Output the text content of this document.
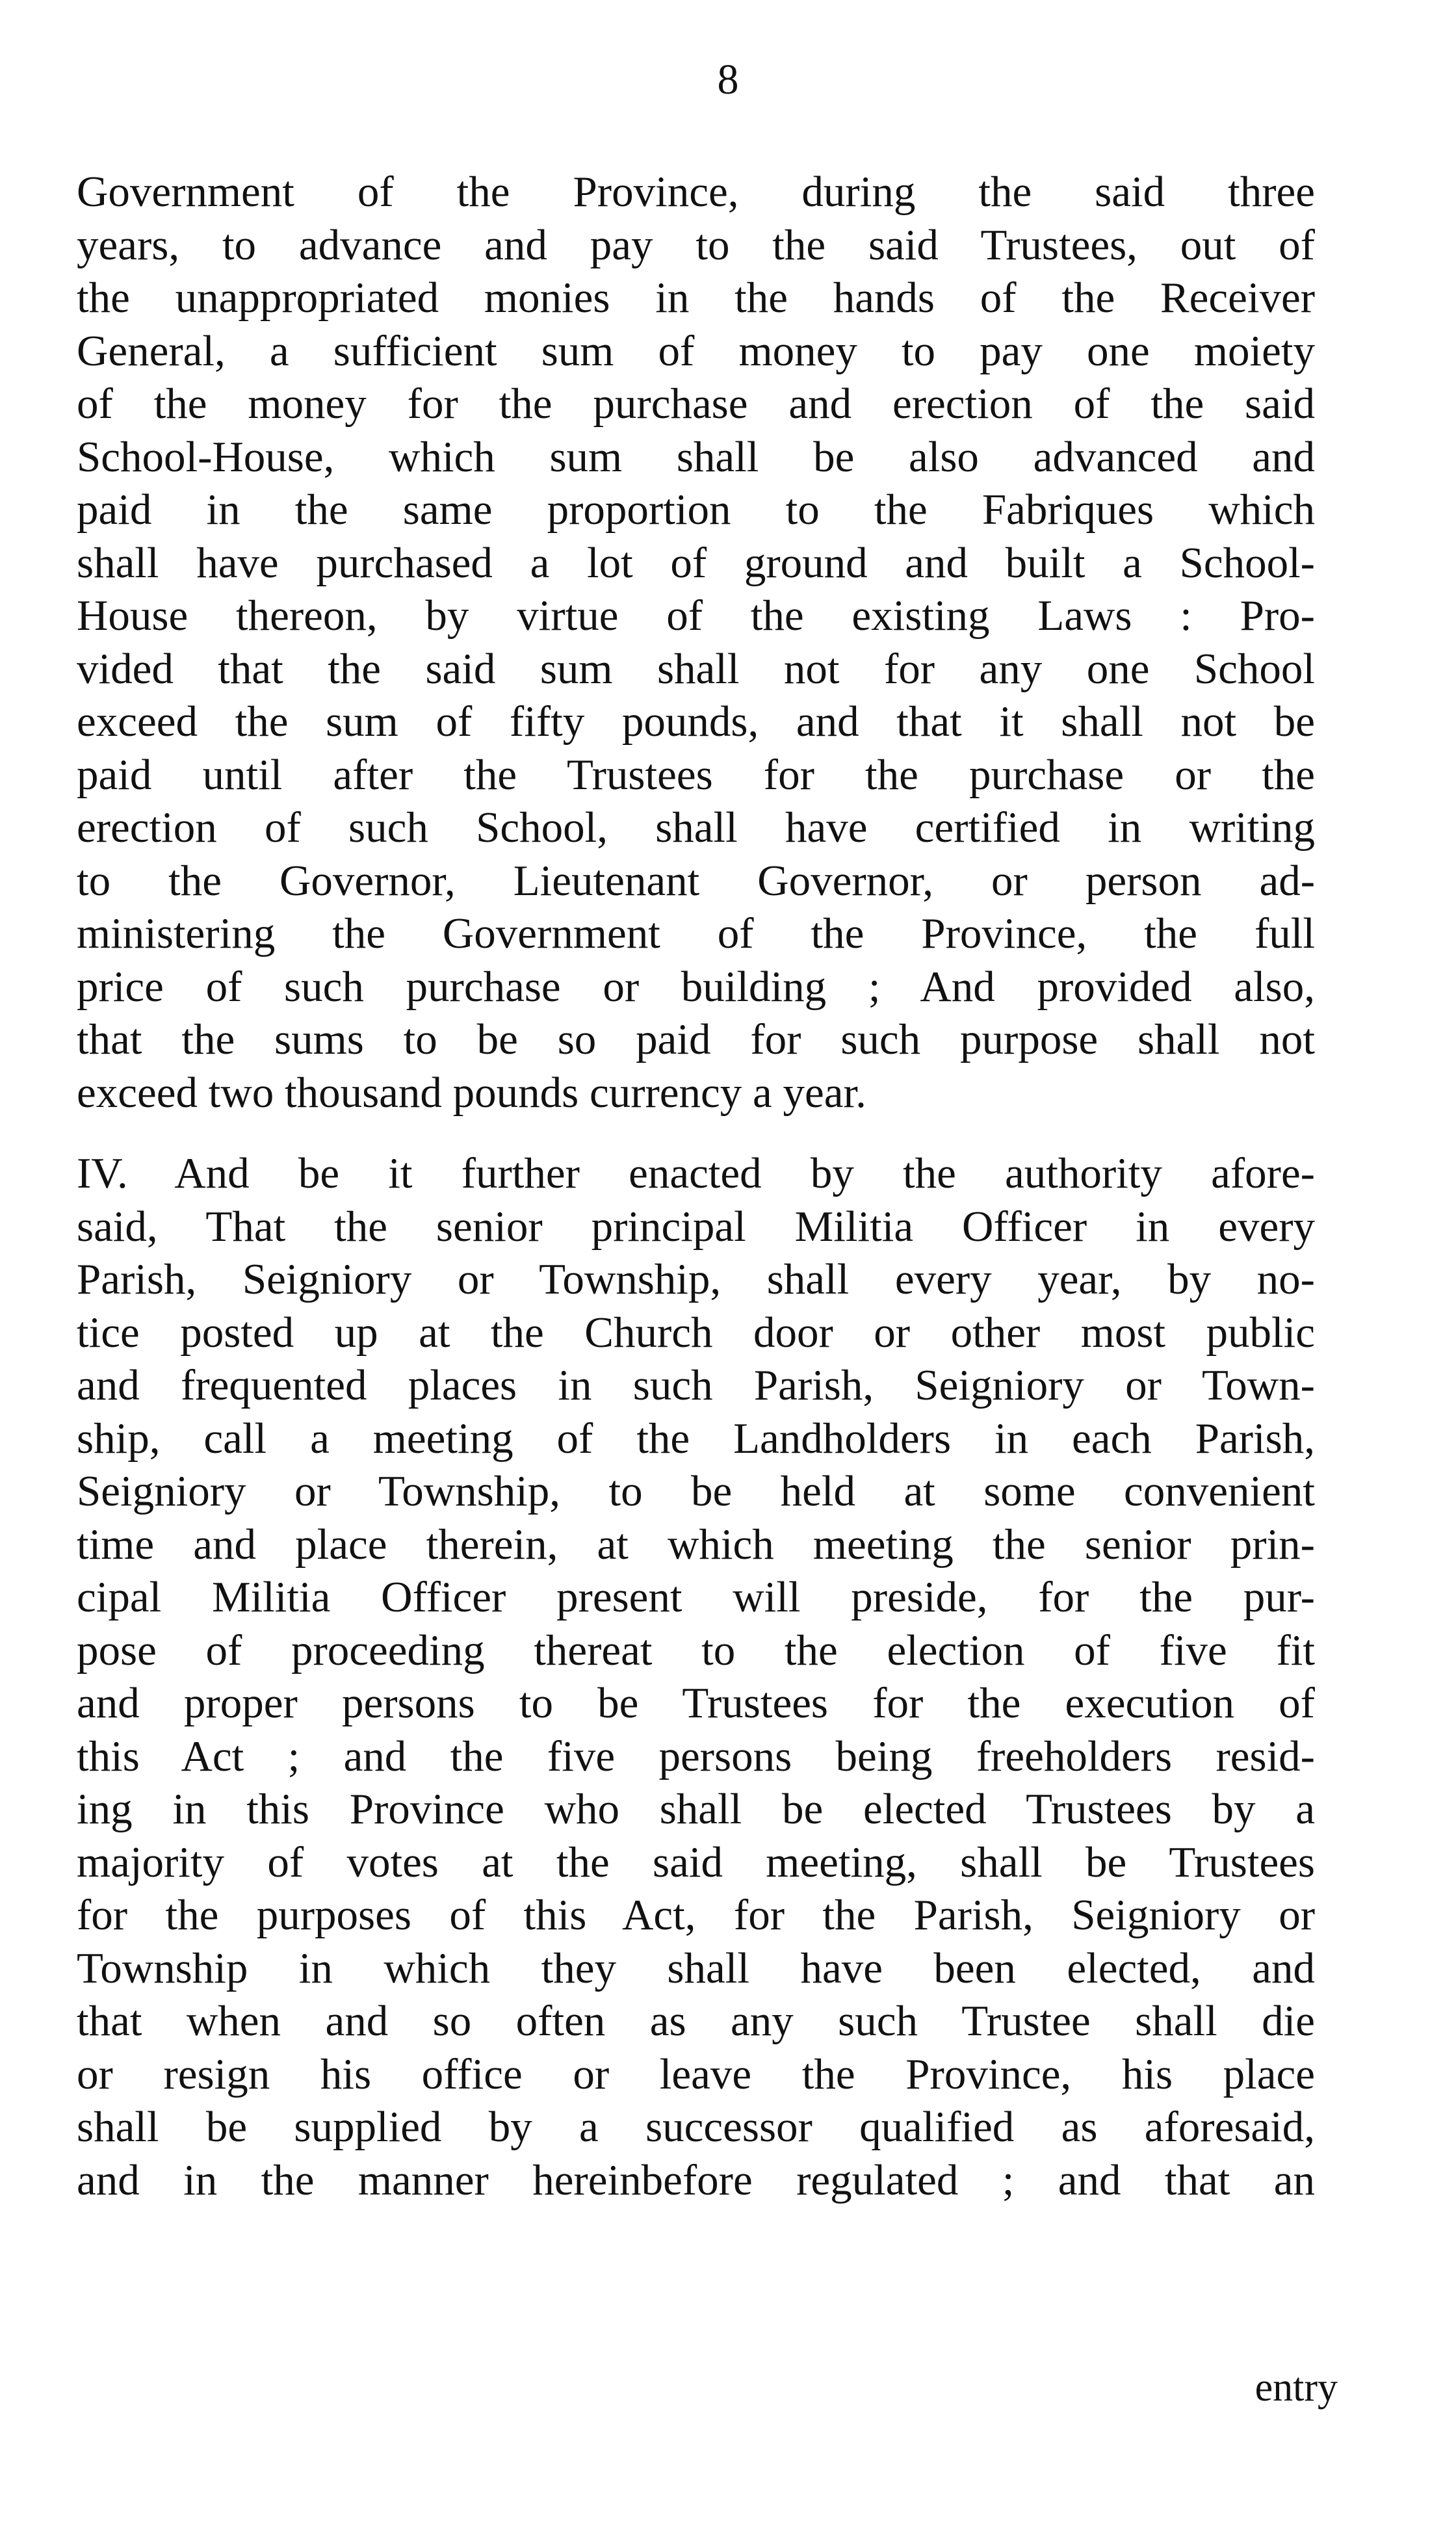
8
Government of the Province, during the said three
years, to advance and pay to the said Trustees, out of
the unappropriated monies in the hands of the Receiver
General, a sufficient sum of money to pay one moiety
of the money for the purchase and erection of the said
School-House, which sum shall be also advanced and
paid in the same proportion to the Fabriques which
shall have purchased a lot of ground and built a School-
House thereon, by virtue of the existing Laws : Pro-
vided that the said sum shall not for any one School
exceed the sum of fifty pounds, and that it shall not be
paid until after the Trustees for the purchase or the
erection of such School, shall have certified in writing
to the Governor, Lieutenant Governor, or person ad-
ministering the Government of the Province, the full
price of such purchase or building ; And provided also,
that the sums to be so paid for such purpose shall not
exceed two thousand pounds currency a year.
IV. And be it further enacted by the authority afore-
said, That the senior principal Militia Officer in every
Parish, Seigniory or Township, shall every year, by no-
tice posted up at the Church door or other most public
and frequented places in such Parish, Seigniory or Town-
ship, call a meeting of the Landholders in each Parish,
Seigniory or Township, to be held at some convenient
time and place therein, at which meeting the senior prin-
cipal Militia Officer present will preside, for the pur-
pose of proceeding thereat to the election of five fit
and proper persons to be Trustees for the execution of
this Act ; and the five persons being freeholders resid-
ing in this Province who shall be elected Trustees by a
majority of votes at the said meeting, shall be Trustees
for the purposes of this Act, for the Parish, Seigniory or
Township in which they shall have been elected, and
that when and so often as any such Trustee shall die
or resign his office or leave the Province, his place
shall be supplied by a successor qualified as aforesaid,
and in the manner hereinbefore regulated ; and that an
entry
